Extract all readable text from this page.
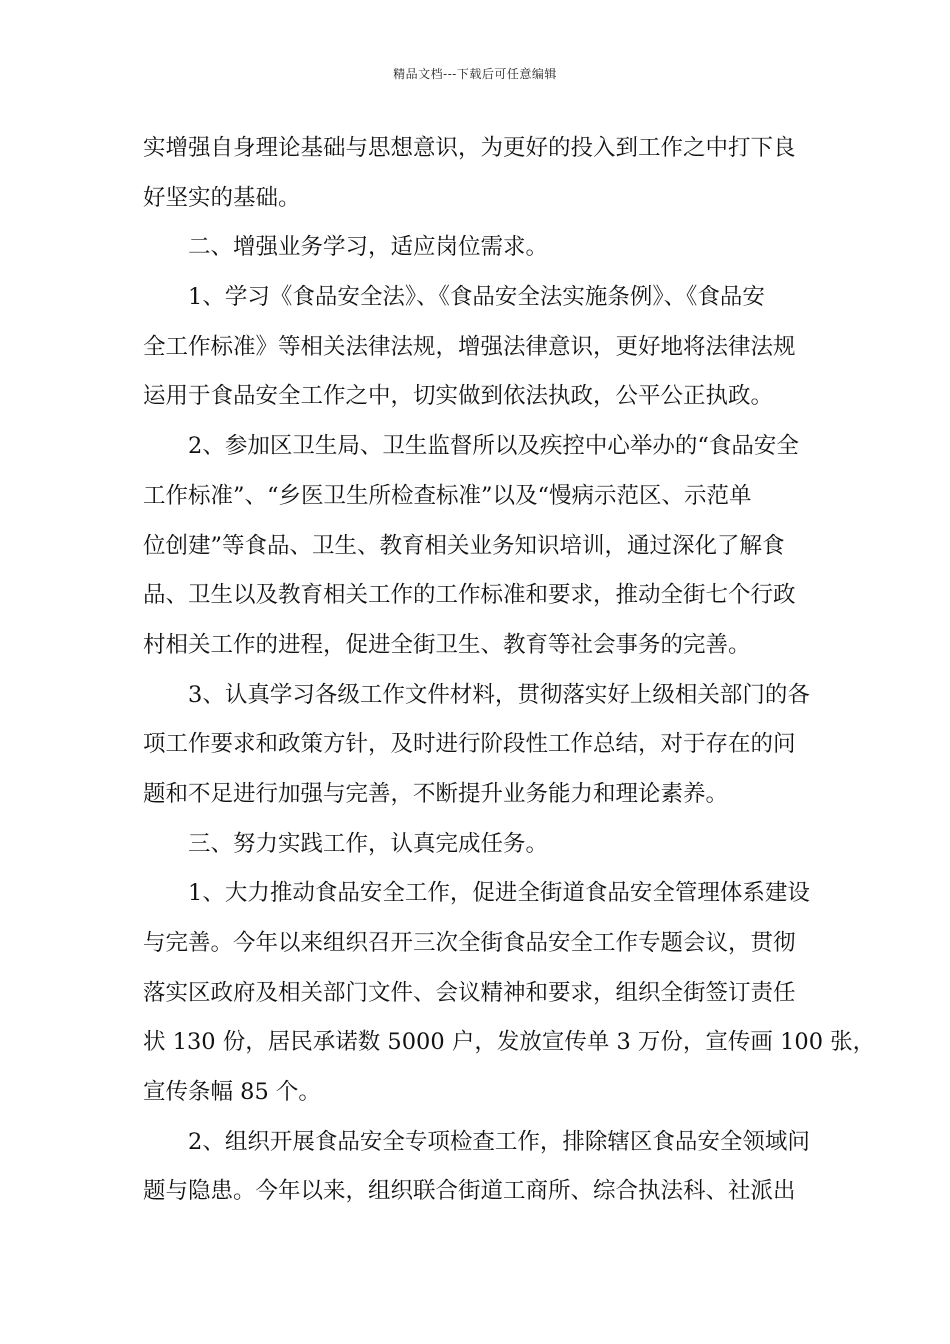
精品文档---下载后可任意编辑
实增强自身理论基础与思想意识，为更好的投入到工作之中打下良
好坚实的基础。
二、增强业务学习，适应岗位需求。
1、学习《食品安全法》、《食品安全法实施条例》、《食品安
全工作标准》等相关法律法规，增强法律意识，更好地将法律法规
运用于食品安全工作之中，切实做到依法执政，公平公正执政。
2、参加区卫生局、卫生监督所以及疾控中心举办的“食品安全
工作标准”、“乡医卫生所检查标准”以及“慢病示范区、示范单
位创建”等食品、卫生、教育相关业务知识培训，通过深化了解食
品、卫生以及教育相关工作的工作标准和要求，推动全街七个行政
村相关工作的进程，促进全街卫生、教育等社会事务的完善。
3、认真学习各级工作文件材料，贯彻落实好上级相关部门的各
项工作要求和政策方针，及时进行阶段性工作总结，对于存在的问
题和不足进行加强与完善，不断提升业务能力和理论素养。
三、努力实践工作，认真完成任务。
1、大力推动食品安全工作，促进全街道食品安全管理体系建设
与完善。今年以来组织召开三次全街食品安全工作专题会议，贯彻
落实区政府及相关部门文件、会议精神和要求，组织全街签订责任
状 130 份，居民承诺数 5000 户，发放宣传单 3 万份，宣传画 100 张，
宣传条幅 85 个。
2、组织开展食品安全专项检查工作，排除辖区食品安全领域问
题与隐患。今年以来，组织联合街道工商所、综合执法科、社派出
